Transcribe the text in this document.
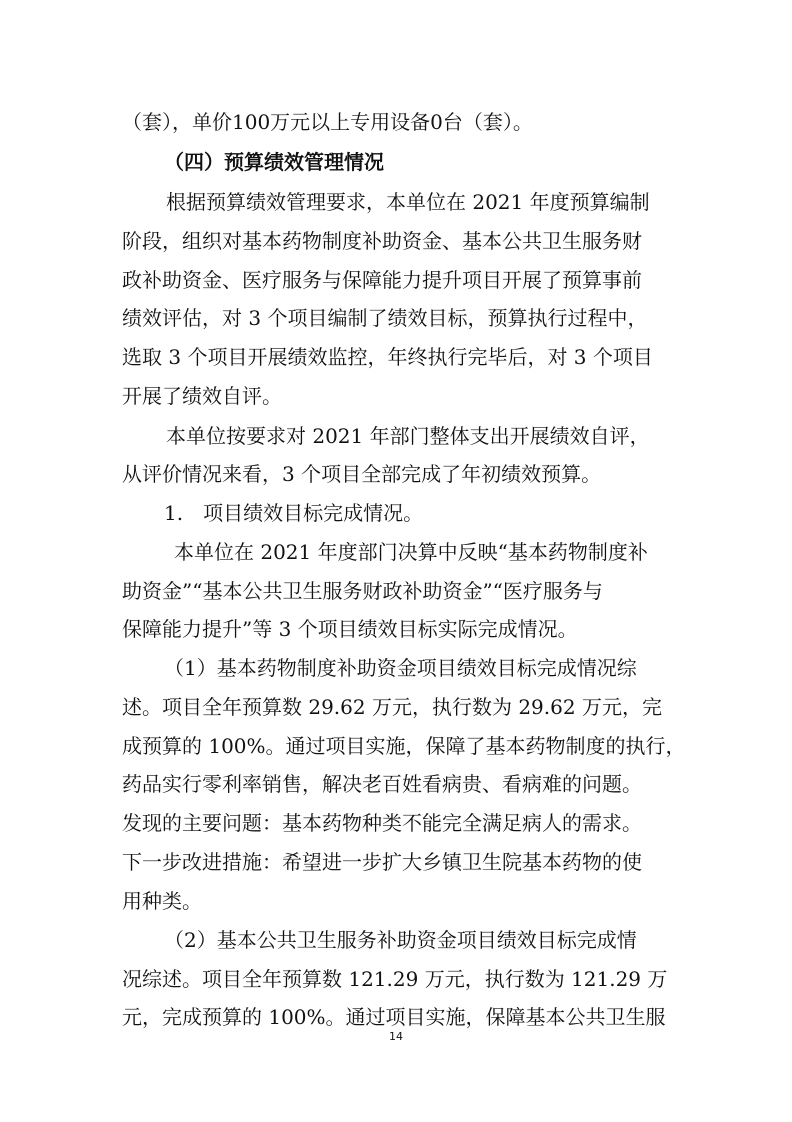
（套），单价100万元以上专用设备0台（套）。
（四）预算绩效管理情况
根据预算绩效管理要求，本单位在 2021 年度预算编制
阶段，组织对基本药物制度补助资金、基本公共卫生服务财
政补助资金、医疗服务与保障能力提升项目开展了预算事前
绩效评估，对 3 个项目编制了绩效目标，预算执行过程中，
选取 3 个项目开展绩效监控，年终执行完毕后，对 3 个项目
开展了绩效自评。
本单位按要求对 2021 年部门整体支出开展绩效自评，
从评价情况来看，3 个项目全部完成了年初绩效预算。
1.　项目绩效目标完成情况。
本单位在 2021 年度部门决算中反映“基本药物制度补
助资金”“基本公共卫生服务财政补助资金”“医疗服务与
保障能力提升”等 3 个项目绩效目标实际完成情况。
（1）基本药物制度补助资金项目绩效目标完成情况综
述。项目全年预算数 29.62 万元，执行数为 29.62 万元，完
成预算的 100%。通过项目实施，保障了基本药物制度的执行，
药品实行零利率销售，解决老百姓看病贵、看病难的问题。
发现的主要问题：基本药物种类不能完全满足病人的需求。
下一步改进措施：希望进一步扩大乡镇卫生院基本药物的使
用种类。
（2）基本公共卫生服务补助资金项目绩效目标完成情
况综述。项目全年预算数 121.29 万元，执行数为 121.29 万
元，完成预算的 100%。通过项目实施，保障基本公共卫生服
14
